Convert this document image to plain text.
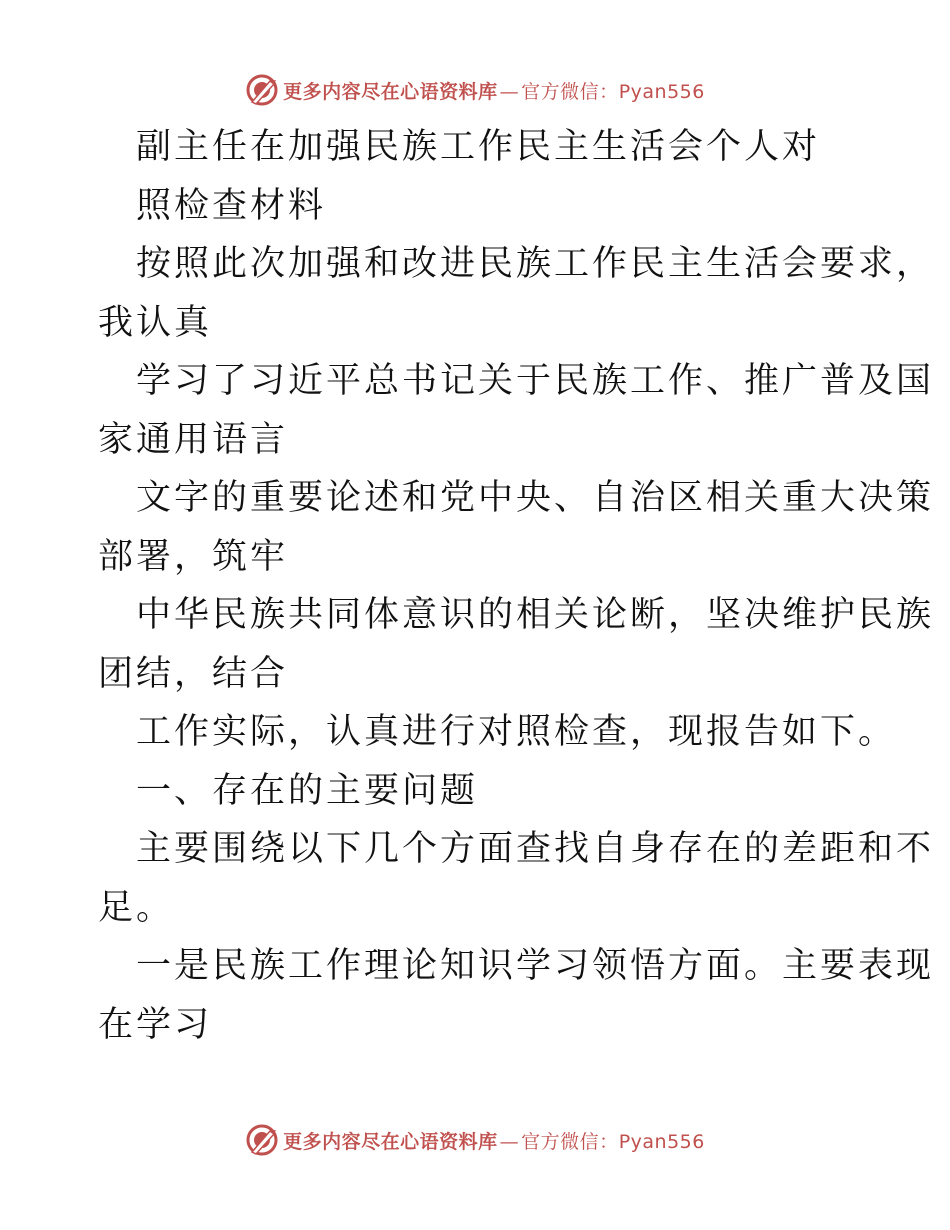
更多内容尽在心语资料库 — 官方微信：Pyan556
副主任在加强民族工作民主生活会个人对
照检查材料
按照此次加强和改进民族工作民主生活会要求，
我认真
学习了习近平总书记关于民族工作、推广普及国
家通用语言
文字的重要论述和党中央、自治区相关重大决策
部署，筑牢
中华民族共同体意识的相关论断，坚决维护民族
团结，结合
工作实际，认真进行对照检查，现报告如下。
一、存在的主要问题
主要围绕以下几个方面查找自身存在的差距和不
足。
一是民族工作理论知识学习领悟方面。主要表现
在学习
更多内容尽在心语资料库 — 官方微信：Pyan556
